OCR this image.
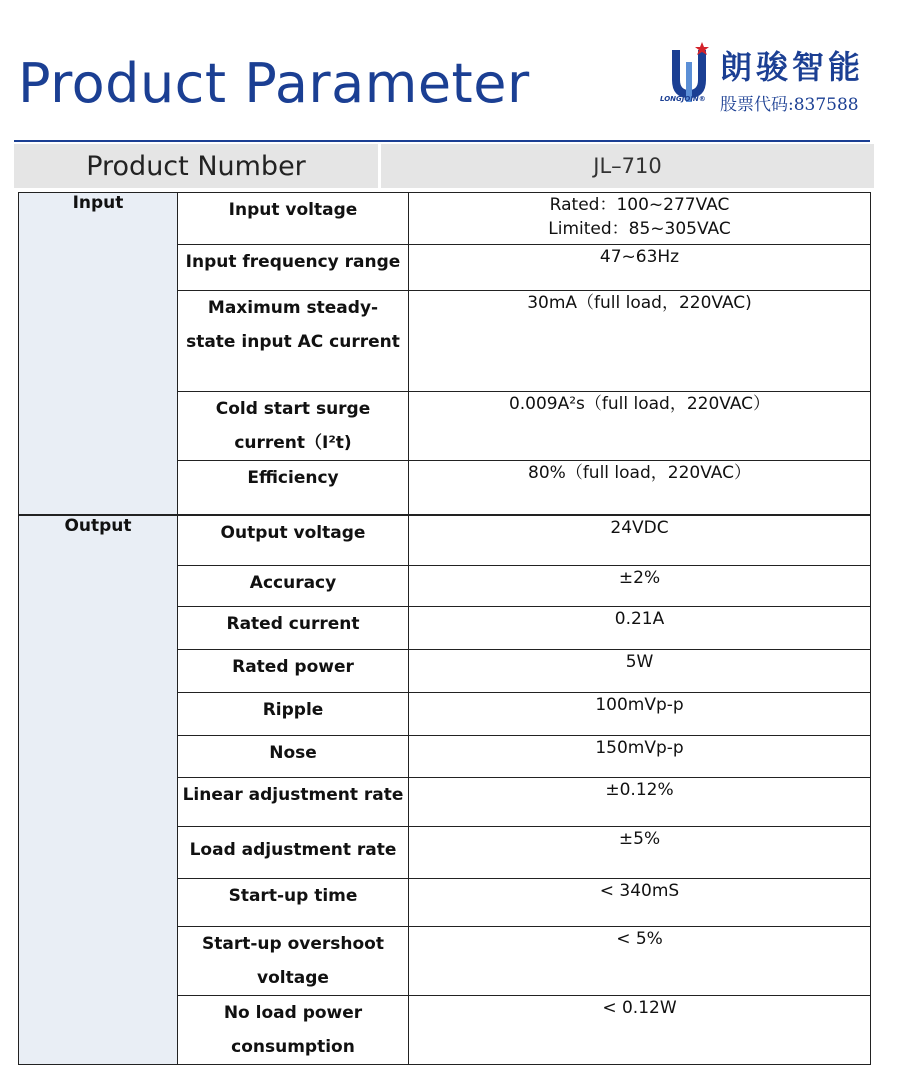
Product Parameter	LONGJOIN®
朗骏智能
股票代码:837588
Product Number	JL–710
Input	Input voltage	Rated：100~277VAC
Limited：85~305VAC

	Input frequency range	47~63Hz

	Maximum steady-state input AC current	30mA（full load，220VAC)

	Cold start surge current（I²t)	0.009A²s（full load，220VAC）

	Efficiency	80%（full load，220VAC）
Output	Output voltage	24VDC

	Accuracy	±2%

	Rated current	0.21A

	Rated power	5W

	Ripple	100mVp-p

	Nose	150mVp-p

	Linear adjustment rate	±0.12%

	Load adjustment rate	±5%

	Start-up time	< 340mS

	Start-up overshoot voltage	< 5%

	No load power consumption	< 0.12W
